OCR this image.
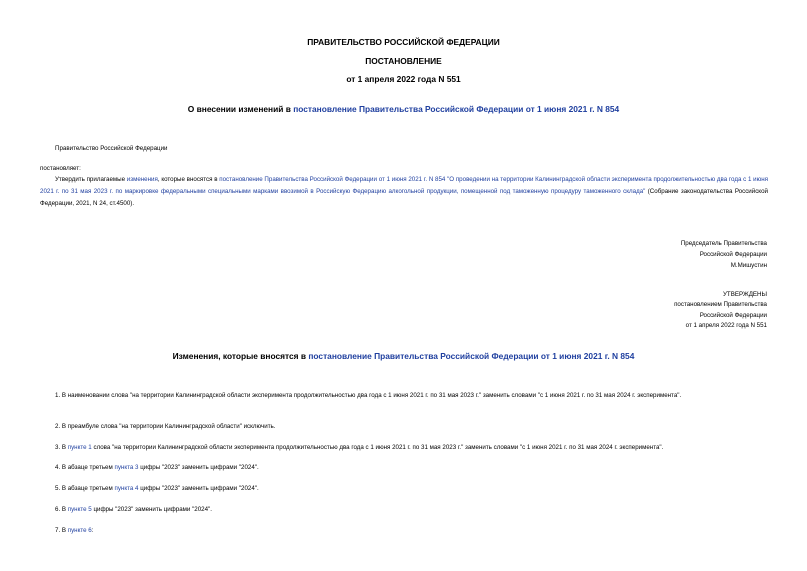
ПРАВИТЕЛЬСТВО РОССИЙСКОЙ ФЕДЕРАЦИИ

ПОСТАНОВЛЕНИЕ

от 1 апреля 2022 года N 551

О внесении изменений в постановление Правительства Российской Федерации от 1 июня 2021 г. N 854

Правительство Российской Федерации

постановляет:

Утвердить прилагаемые изменения, которые вносятся в постановление Правительства Российской Федерации от 1 июня 2021 г. N 854 "О проведении на территории Калининградской области эксперимента продолжительностью два года с 1 июня 2021 г. по 31 мая 2023 г. по маркировке федеральными специальными марками ввозимой в Российскую Федерацию алкогольной продукции, помещенной под таможенную процедуру таможенного склада" (Собрание законодательства Российской Федерации, 2021, N 24, ст.4500).

Председатель Правительства

Российской Федерации

М.Мишустин

УТВЕРЖДЕНЫ

постановлением Правительства

Российской Федерации

от 1 апреля 2022 года N 551

Изменения, которые вносятся в постановление Правительства Российской Федерации от 1 июня 2021 г. N 854

1. В наименовании слова "на территории Калининградской области эксперимента продолжительностью два года с 1 июня 2021 г. по 31 мая 2023 г." заменить словами "с 1 июня 2021 г. по 31 мая 2024 г. эксперимента".

2. В преамбуле слова "на территории Калининградской области" исключить.

3. В пункте 1 слова "на территории Калининградской области эксперимента продолжительностью два года с 1 июня 2021 г. по 31 мая 2023 г." заменить словами "с 1 июня 2021 г. по 31 мая 2024 г. эксперимента".

4. В абзаце третьем пункта 3 цифры "2023" заменить цифрами "2024".

5. В абзаце третьем пункта 4 цифры "2023" заменить цифрами "2024".

6. В пункте 5 цифры "2023" заменить цифрами "2024".

7. В пункте 6:
